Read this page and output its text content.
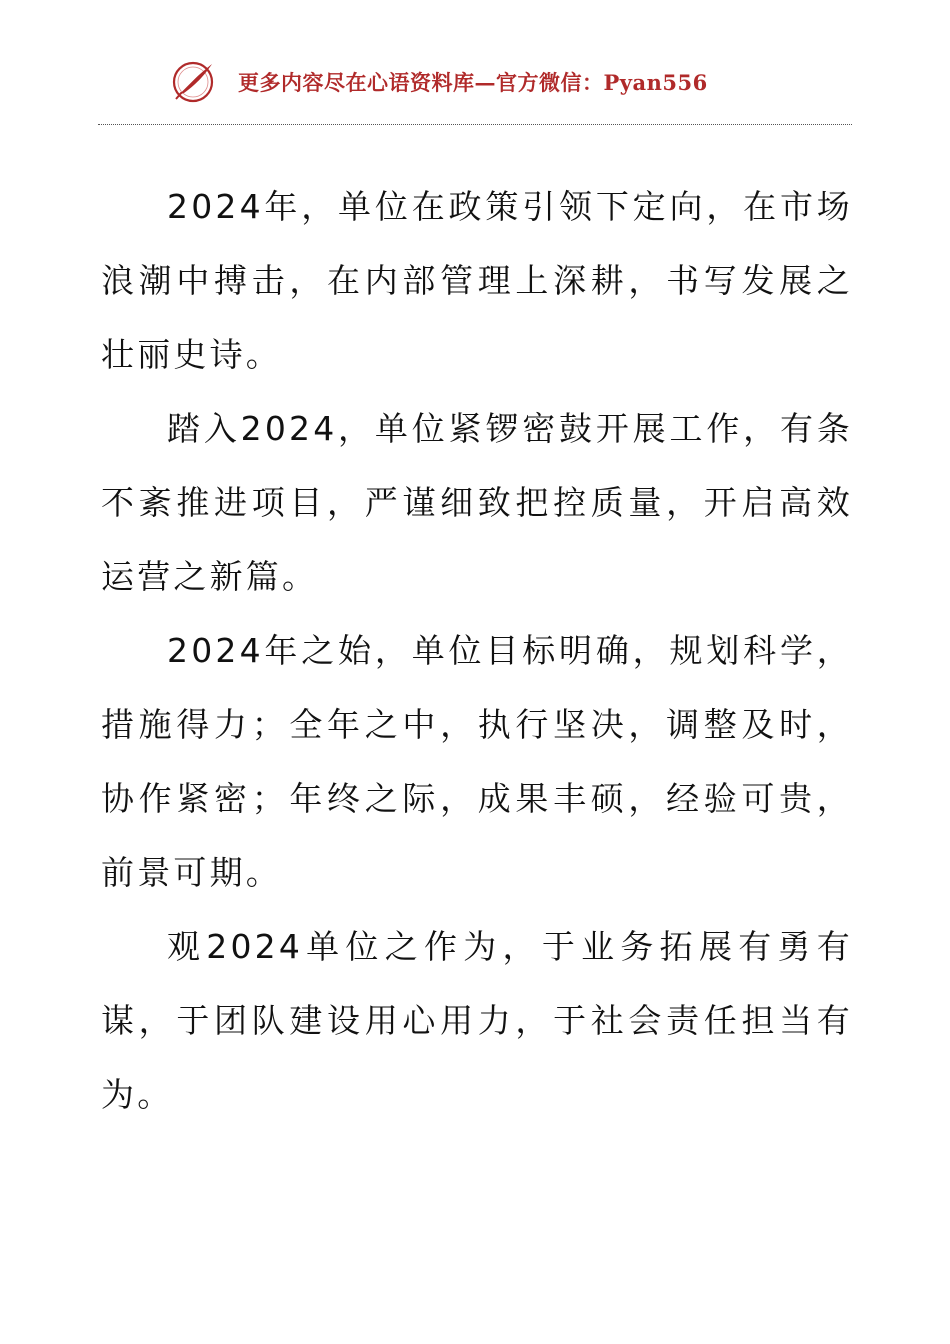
更多内容尽在心语资料库—官方微信：Pyan556

2024年，单位在政策引领下定向，在市场浪潮中搏击，在内部管理上深耕，书写发展之壮丽史诗。

踏入2024，单位紧锣密鼓开展工作，有条不紊推进项目，严谨细致把控质量，开启高效运营之新篇。

2024年之始，单位目标明确，规划科学，措施得力；全年之中，执行坚决，调整及时，协作紧密；年终之际，成果丰硕，经验可贵，前景可期。

观2024单位之作为，于业务拓展有勇有谋，于团队建设用心用力，于社会责任担当有为。
